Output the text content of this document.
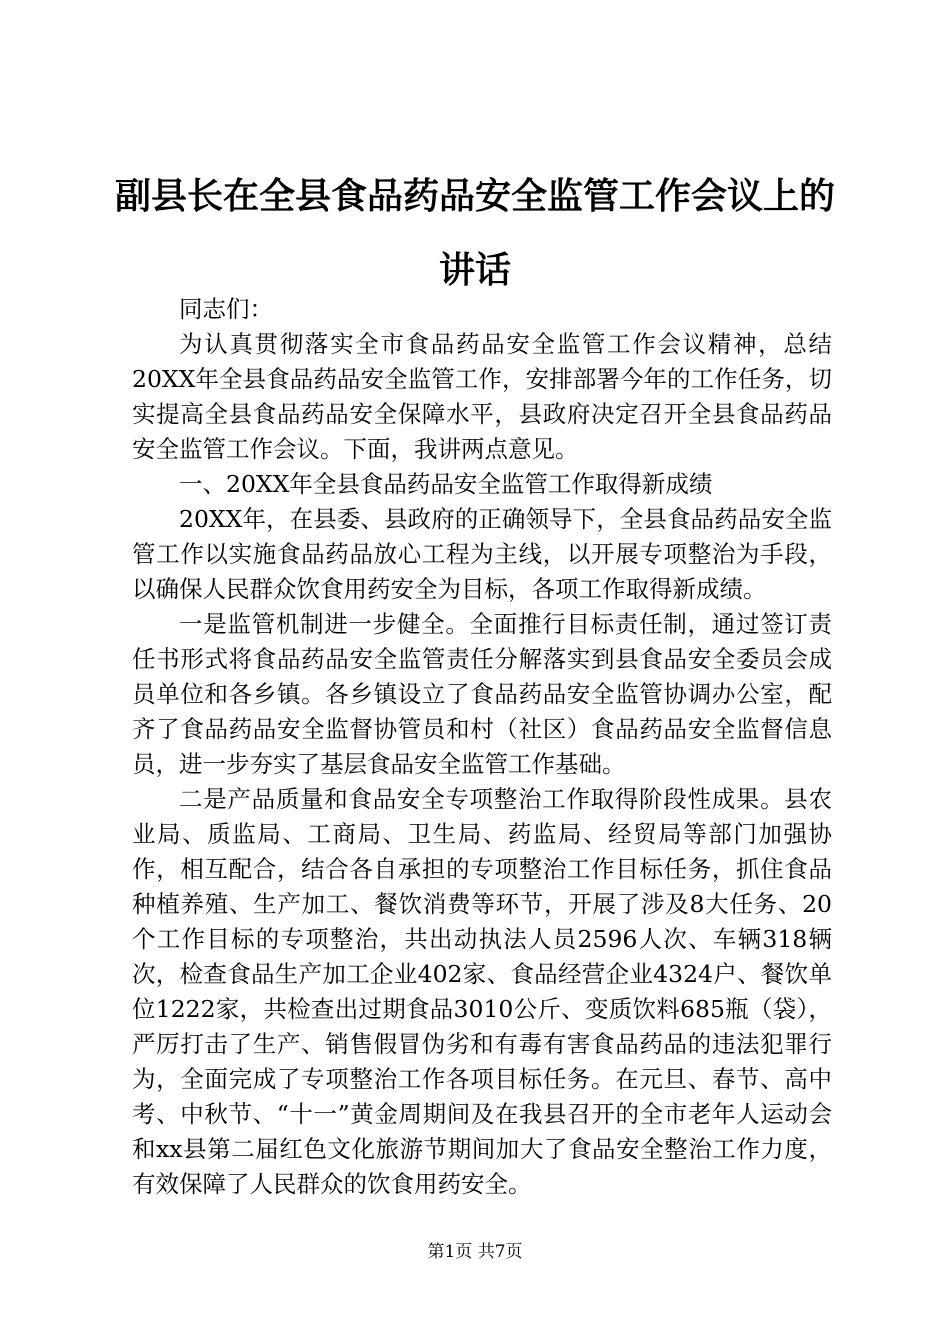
副县长在全县食品药品安全监管工作会议上的
讲话

同志们：

为认真贯彻落实全市食品药品安全监管工作会议精神，总结20XX年全县食品药品安全监管工作，安排部署今年的工作任务，切实提高全县食品药品安全保障水平，县政府决定召开全县食品药品安全监管工作会议。下面，我讲两点意见。

一、20XX年全县食品药品安全监管工作取得新成绩

20XX年，在县委、县政府的正确领导下，全县食品药品安全监管工作以实施食品药品放心工程为主线，以开展专项整治为手段，以确保人民群众饮食用药安全为目标，各项工作取得新成绩。

一是监管机制进一步健全。全面推行目标责任制，通过签订责任书形式将食品药品安全监管责任分解落实到县食品安全委员会成员单位和各乡镇。各乡镇设立了食品药品安全监管协调办公室，配齐了食品药品安全监督协管员和村（社区）食品药品安全监督信息员，进一步夯实了基层食品安全监管工作基础。

二是产品质量和食品安全专项整治工作取得阶段性成果。县农业局、质监局、工商局、卫生局、药监局、经贸局等部门加强协作，相互配合，结合各自承担的专项整治工作目标任务，抓住食品种植养殖、生产加工、餐饮消费等环节，开展了涉及8大任务、20个工作目标的专项整治，共出动执法人员2596人次、车辆318辆次，检查食品生产加工企业402家、食品经营企业4324户、餐饮单位1222家，共检查出过期食品3010公斤、变质饮料685瓶（袋），严厉打击了生产、销售假冒伪劣和有毒有害食品药品的违法犯罪行为，全面完成了专项整治工作各项目标任务。在元旦、春节、高中考、中秋节、“十一”黄金周期间及在我县召开的全市老年人运动会和xx县第二届红色文化旅游节期间加大了食品安全整治工作力度，有效保障了人民群众的饮食用药安全。

第1页 共7页
